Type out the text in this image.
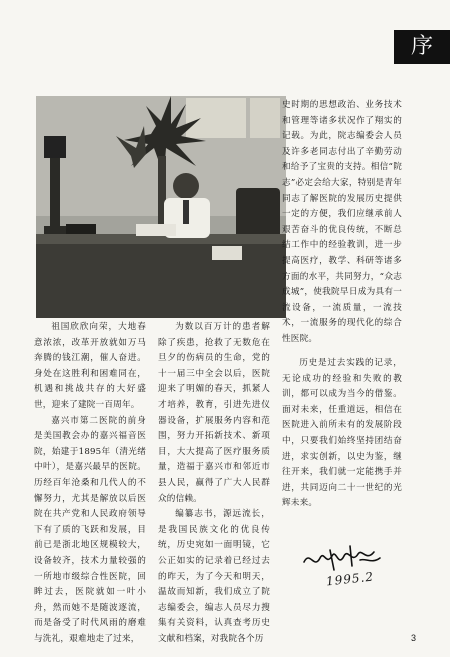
序

祖国欣欣向荣，大地春意浓浓，改革开放就如万马奔腾的钱江潮，催人奋进。身处在这胜利和困难同在，机遇和挑战共存的大好盛世，迎来了建院一百周年。

嘉兴市第二医院的前身是美国教会办的嘉兴福音医院，始建于1895年（清光绪中叶），是嘉兴最早的医院。历经百年沧桑和几代人的不懈努力，尤其是解放以后医院在共产党和人民政府领导下有了质的飞跃和发展，目前已是浙北地区规模较大，设备较齐，技术力量较强的一所地市级综合性医院，回眸过去，医院就如一叶小舟，然而她不是随波逐流，而是备受了时代风雨的磨难与洗礼，艰难地走了过来，

为数以百万计的患者解除了疾患，抢救了无数危在旦夕的伤病员的生命，党的十一届三中全会以后，医院迎来了明媚的春天，抓紧人才培养，教育，引进先进仪器设备，扩展服务内容和范围，努力开拓新技术、新项目，大大提高了医疗服务质量，造福于嘉兴市和邻近市县人民，赢得了广大人民群众的信赖。

编纂志书，源远流长，是我国民族文化的优良传统，历史宛如一面明镜，它公正如实的记录着已经过去的昨天，为了今天和明天，温故而知新，我们成立了院志编委会，编志人员尽力搜集有关资料，认真查考历史文献和档案，对我院各个历

史时期的思想政治、业务技术和管理等诸多状况作了翔实的记载。为此，院志编委会人员及许多老同志付出了辛勤劳动和给予了宝贵的支持。相信“院志”必定会给大家，特别是青年同志了解医院的发展历史提供一定的方便，我们应继承前人艰苦奋斗的优良传统，不断总结工作中的经验教训，进一步提高医疗，教学、科研等诸多方面的水平，共同努力，“众志成城”，使我院早日成为具有一流设备，一流质量，一流技术，一流服务的现代化的综合性医院。

历史是过去实践的记录，无论成功的经验和失败的教训，都可以成为当今的借鉴。面对未来，任重道远，相信在医院进入前所未有的发展阶段中，只要我们始终坚持团结奋进，求实创新，以史为鉴，继往开来，我们就一定能携手并进，共同迈向二十一世纪的光辉未来。

1995.2
3
